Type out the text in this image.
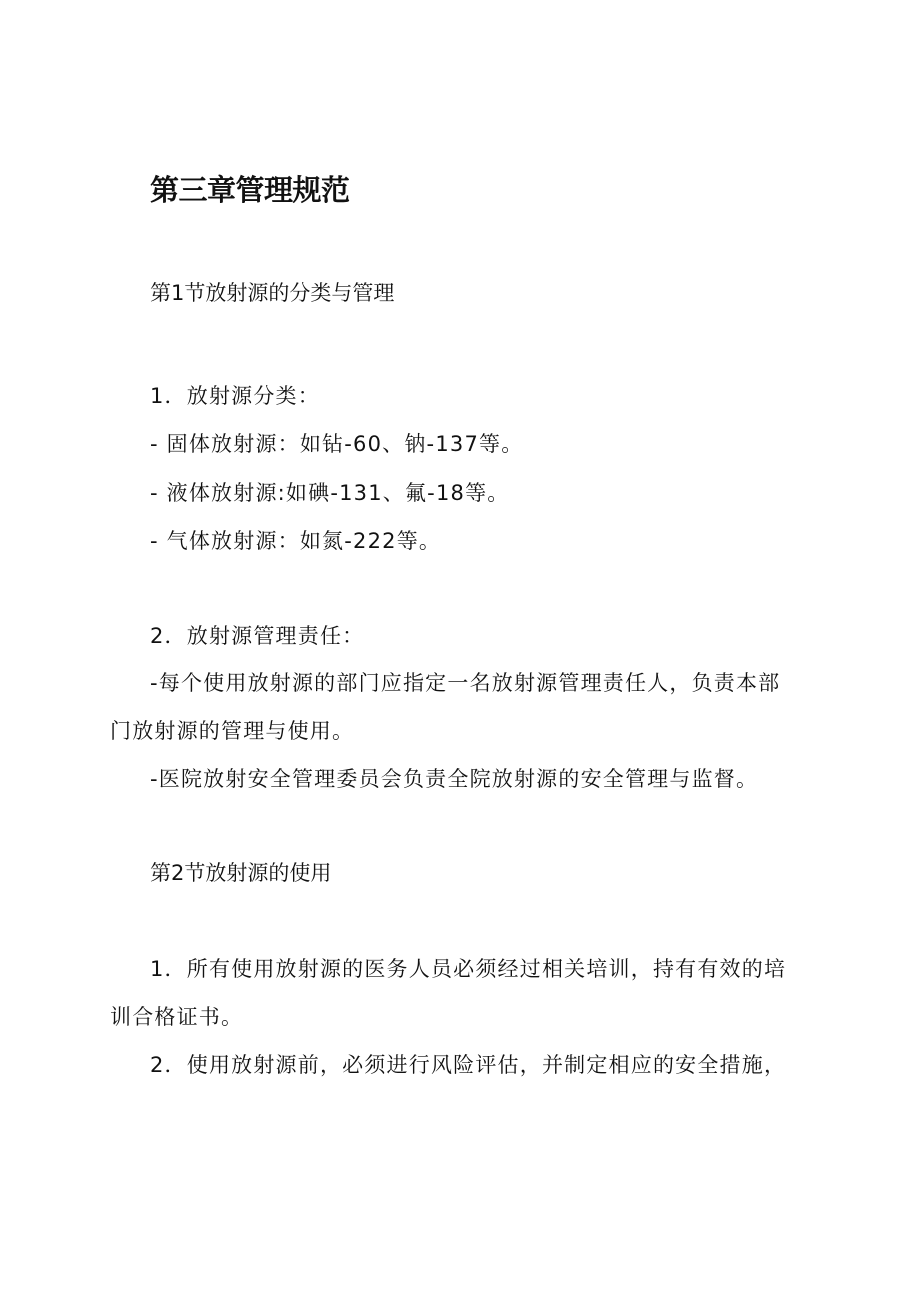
第三章管理规范
第1节放射源的分类与管理
1．放射源分类：
- 固体放射源：如钻-60、钠-137等。
- 液体放射源:如碘-131、氟-18等。
- 气体放射源：如氮-222等。
2．放射源管理责任：
-每个使用放射源的部门应指定一名放射源管理责任人，负责本部
门放射源的管理与使用。
-医院放射安全管理委员会负责全院放射源的安全管理与监督。
第2节放射源的使用
1．所有使用放射源的医务人员必须经过相关培训，持有有效的培
训合格证书。
2．使用放射源前，必须进行风险评估，并制定相应的安全措施，
